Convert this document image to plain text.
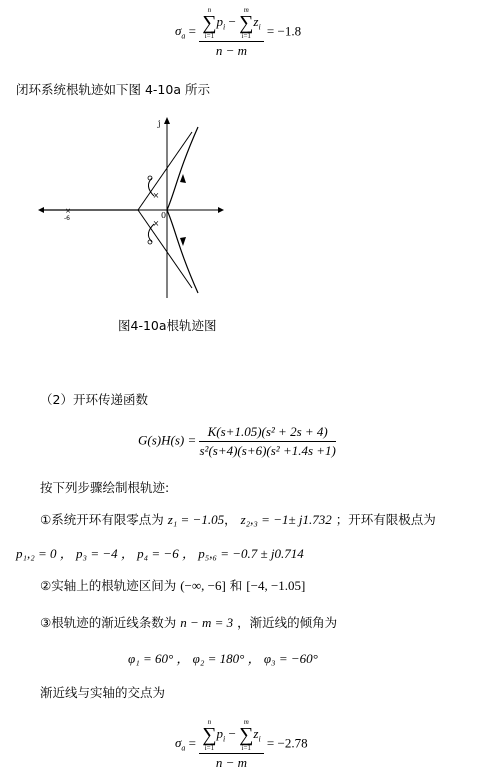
$\sigma_a$ =
n
∑
i=1
$p_i$ −
m
∑
i=1
$z_i$
n − m
= −1.8
闭环系统根轨迹如下图 4-10a 所示
j
0
-6
×
×
×
图4-10a根轨迹图
（2）开环传递函数
$G(s)H(s) = \frac{\text{K(s+1.05)(s² + 2s + 4)}}{\text{s²(s+4)(s+6)(s² +1.4s +1)}}$
按下列步骤绘制根轨迹:
①系统开环有限零点为 z₁ = −1.05， z₂,₃ = −1± j1.732 ；开环有限极点为
p₁,₂ = 0 ， p₃ = −4 ， p₄ = −6 ， p₅,₆ = −0.7 ± j0.714
②实轴上的根轨迹区间为 (−∞, −6] 和 [−4, −1.05]
③根轨迹的渐近线条数为 n − m = 3 ，渐近线的倾角为
φ₁ = 60° ， φ₂ = 180° ， φ₃ = −60°
渐近线与实轴的交点为
$\sigma_a$ =
n
∑
i=1
$p_i$ −
m
∑
i=1
$z_i$
n − m
= −2.78
